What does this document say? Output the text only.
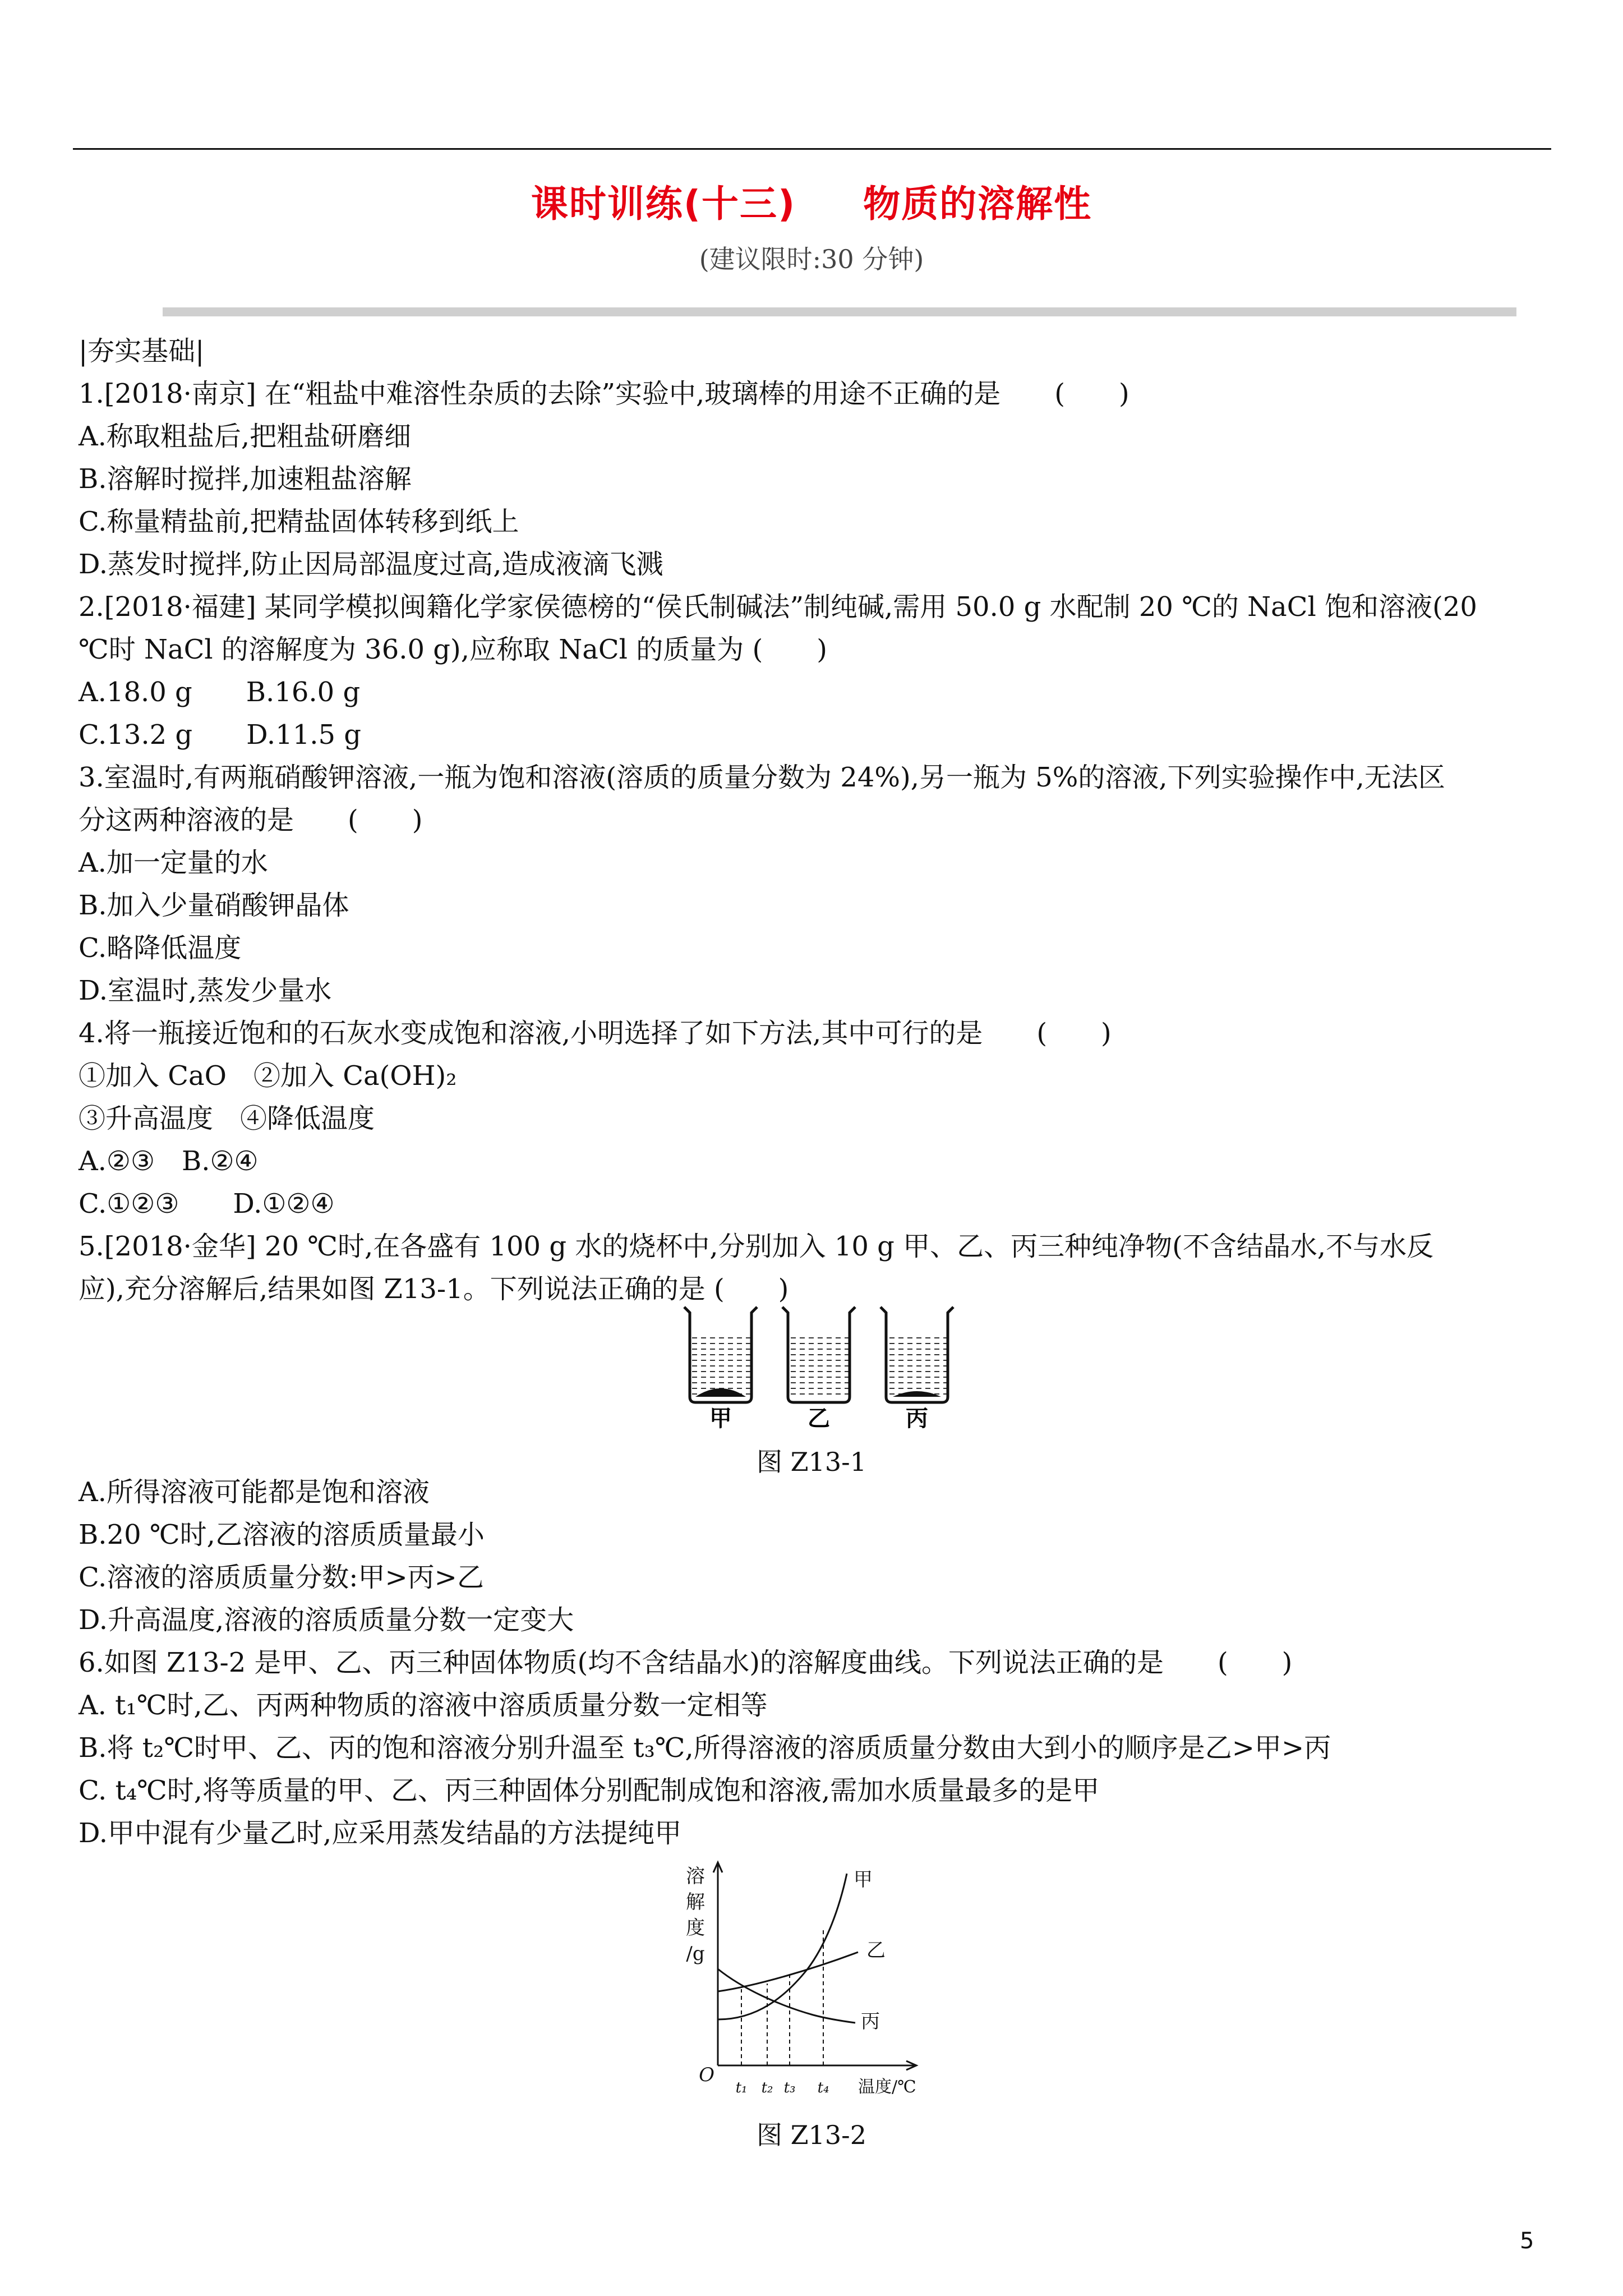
课时训练(十三) 物质的溶解性
(建议限时:30 分钟)
|夯实基础|
1.[2018·南京] 在“粗盐中难溶性杂质的去除”实验中,玻璃棒的用途不正确的是　　(　　)
A.称取粗盐后,把粗盐研磨细
B.溶解时搅拌,加速粗盐溶解
C.称量精盐前,把精盐固体转移到纸上
D.蒸发时搅拌,防止因局部温度过高,造成液滴飞溅
2.[2018·福建] 某同学模拟闽籍化学家侯德榜的“侯氏制碱法”制纯碱,需用 50.0 g 水配制 20 ℃的 NaCl 饱和溶液(20
℃时 NaCl 的溶解度为 36.0 g),应称取 NaCl 的质量为 (　　)
A.18.0 g　　B.16.0 g
C.13.2 g　　D.11.5 g
3.室温时,有两瓶硝酸钾溶液,一瓶为饱和溶液(溶质的质量分数为 24%),另一瓶为 5%的溶液,下列实验操作中,无法区
分这两种溶液的是　　(　　)
A.加一定量的水
B.加入少量硝酸钾晶体
C.略降低温度
D.室温时,蒸发少量水
4.将一瓶接近饱和的石灰水变成饱和溶液,小明选择了如下方法,其中可行的是　　(　　)
①加入 CaO　②加入 Ca(OH)₂
③升高温度　④降低温度
A.②③　B.②④
C.①②③　　D.①②④
5.[2018·金华] 20 ℃时,在各盛有 100 g 水的烧杯中,分别加入 10 g 甲、乙、丙三种纯净物(不含结晶水,不与水反
应),充分溶解后,结果如图 Z13-1。下列说法正确的是 (　　)
甲	乙	丙
图 Z13-1
A.所得溶液可能都是饱和溶液
B.20 ℃时,乙溶液的溶质质量最小
C.溶液的溶质质量分数:甲>丙>乙
D.升高温度,溶液的溶质质量分数一定变大
6.如图 Z13-2 是甲、乙、丙三种固体物质(均不含结晶水)的溶解度曲线。下列说法正确的是　　(　　)
A. t₁℃时,乙、丙两种物质的溶液中溶质质量分数一定相等
B.将 t₂℃时甲、乙、丙的饱和溶液分别升温至 t₃℃,所得溶液的溶质质量分数由大到小的顺序是乙>甲>丙
C. t₄℃时,将等质量的甲、乙、丙三种固体分别配制成饱和溶液,需加水质量最多的是甲
D.甲中混有少量乙时,应采用蒸发结晶的方法提纯甲
溶
解
度
/g
O
温度/℃
t₁ t₂ t₃ t₄
甲
乙
丙
图 Z13-2
5
